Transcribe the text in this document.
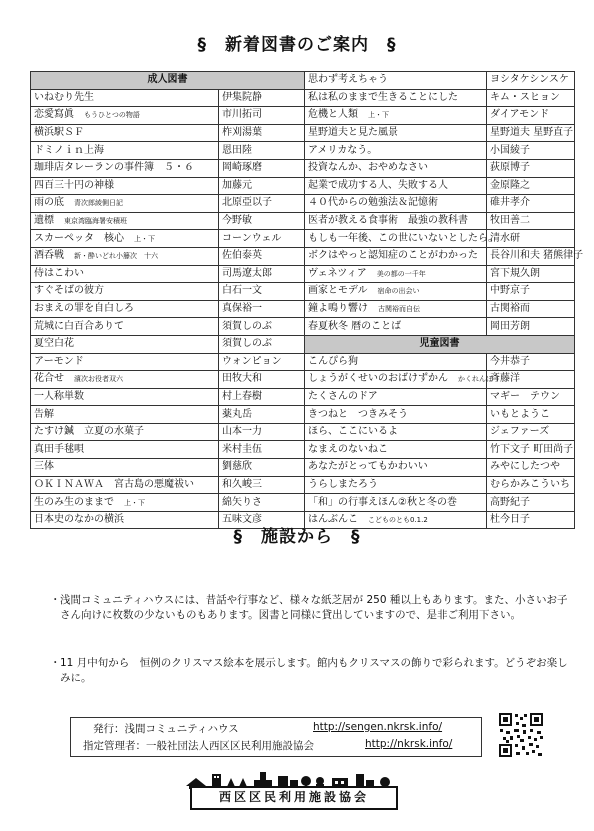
§　新着図書のご案内　§
成人図書		思わず考えちゃう	ヨシタケシンスケ
いねむり先生	伊集院静	私は私のままで生きることにした	キム・スヒョン
恋愛寫眞　 もうひとつの物語	市川拓司	危機と人類　 上・下	ダイアモンド
横浜駅ＳＦ	柞刈湯葉	星野道夫と見た風景	星野道夫 星野直子
ドミノｉｎ上海	恩田陸	アメリカなう。	小国綾子
珈琲店タレーランの事件簿　５・６	岡崎琢磨	投資なんか、おやめなさい	荻原博子
四百三十円の神様	加藤元	起業で成功する人、失敗する人	金原隆之
雨の底　 青次郎綾側日記	北原亞以子	４０代からの勉強法＆記憶術	碓井孝介
遺標　 東京湾臨海署安積班	今野敏	医者が教える食事術　最強の教科書	牧田善二
スカーペッタ　核心　 上・下	コーンウェル	もしも一年後、この世にいないとしたら。	清水研
酒呑戦　 新・酔いどれ小籐次　十六	佐伯泰英	ボクはやっと認知症のことがわかった	長谷川和夫 猪熊律子
侍はこわい	司馬遼太郎	ヴェネツィア　 美の都の一千年	宮下規久朗
すぐそばの彼方	白石一文	画家とモデル　 宿命の出会い	中野京子
おまえの罪を自白しろ	真保裕一	鐘よ鳴り響け　 古関裕而自伝	古関裕而
荒城に白百合ありて	須賀しのぶ	春夏秋冬 暦のことば	岡田芳朗
夏空白花	須賀しのぶ	児童図書	
アーモンド	ウォンピョン	こんぴら狗	今井恭子
花合せ　 濱次お役者双六	田牧大和	しょうがくせいのおばけずかん　 かくれんぼう	斉藤洋
一人称単数	村上春樹	たくさんのドア	マギー　テウン
告解	薬丸岳	きつねと　つきみそう	いもとようこ
たすけ鍼　立夏の水菓子	山本一力	ほら、ここにいるよ	ジェファーズ
真田手毬唄	米村圭伍	なまえのないねこ	竹下文子 町田尚子
三体	劉慈欣	あなたがとってもかわいい	みやにしたつや
ＯＫＩＮＡＷＡ　宮古島の悪魔祓い	和久峻三	うらしまたろう	むらかみこういち
生のみ生のままで　 上・下	綿矢りさ	「和」の行事えほん②秋と冬の巻	高野紀子
日本史のなかの横浜	五味文彦	はんぶんこ　 こどものとも0.1.2	杜今日子
§　施設から　§
・ 浅間コミュニティハウスには、昔話や行事など、様々な紙芝居が 250 種以上もあります。また、小さいお子さん向けに枚数の少ないものもあります。図書と同様に貸出していますので、是非ご利用下さい。
・ 11 月中旬から　恒例のクリスマス絵本を展示します。館内もクリスマスの飾りで彩られます。どうぞお楽しみに。
発行：浅間コミュニティハウス	http://sengen.nkrsk.info/
指定管理者：一般社団法人西区区民利用施設協会	http://nkrsk.info/
西区区民利用施設協会
